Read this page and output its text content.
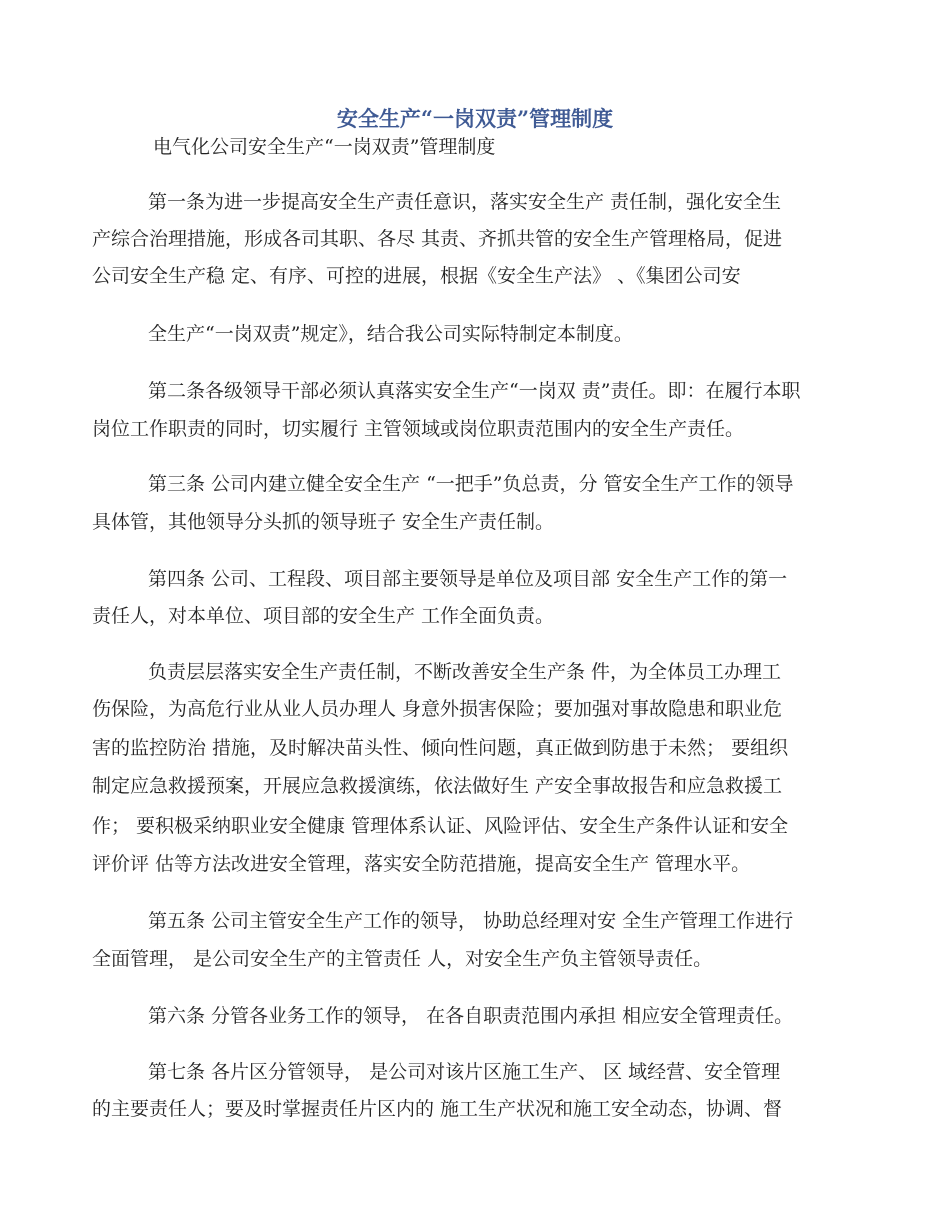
安全生产“一岗双责”管理制度
电气化公司安全生产“一岗双责”管理制度
第一条为进一步提高安全生产责任意识，落实安全生产 责任制，强化安全生
产综合治理措施，形成各司其职、各尽 其责、齐抓共管的安全生产管理格局，促进
公司安全生产稳 定、有序、可控的进展，根据《安全生产法》 、《集团公司安
全生产“一岗双责”规定》，结合我公司实际特制定本制度。
第二条各级领导干部必须认真落实安全生产“一岗双 责”责任。即：在履行本职
岗位工作职责的同时，切实履行 主管领域或岗位职责范围内的安全生产责任。
第三条 公司内建立健全安全生产 “一把手”负总责，分 管安全生产工作的领导
具体管，其他领导分头抓的领导班子 安全生产责任制。
第四条 公司、工程段、项目部主要领导是单位及项目部 安全生产工作的第一
责任人，对本单位、项目部的安全生产 工作全面负责。
负责层层落实安全生产责任制，不断改善安全生产条 件，为全体员工办理工
伤保险，为高危行业从业人员办理人 身意外损害保险；要加强对事故隐患和职业危
害的监控防治 措施，及时解决苗头性、倾向性问题，真正做到防患于未然； 要组织
制定应急救援预案，开展应急救援演练，依法做好生 产安全事故报告和应急救援工
作； 要积极采纳职业安全健康 管理体系认证、风险评估、安全生产条件认证和安全
评价评 估等方法改进安全管理，落实安全防范措施，提高安全生产 管理水平。
第五条 公司主管安全生产工作的领导， 协助总经理对安 全生产管理工作进行
全面管理， 是公司安全生产的主管责任 人，对安全生产负主管领导责任。
第六条 分管各业务工作的领导， 在各自职责范围内承担 相应安全管理责任。
第七条 各片区分管领导， 是公司对该片区施工生产、 区 域经营、安全管理
的主要责任人；要及时掌握责任片区内的 施工生产状况和施工安全动态，协调、督
